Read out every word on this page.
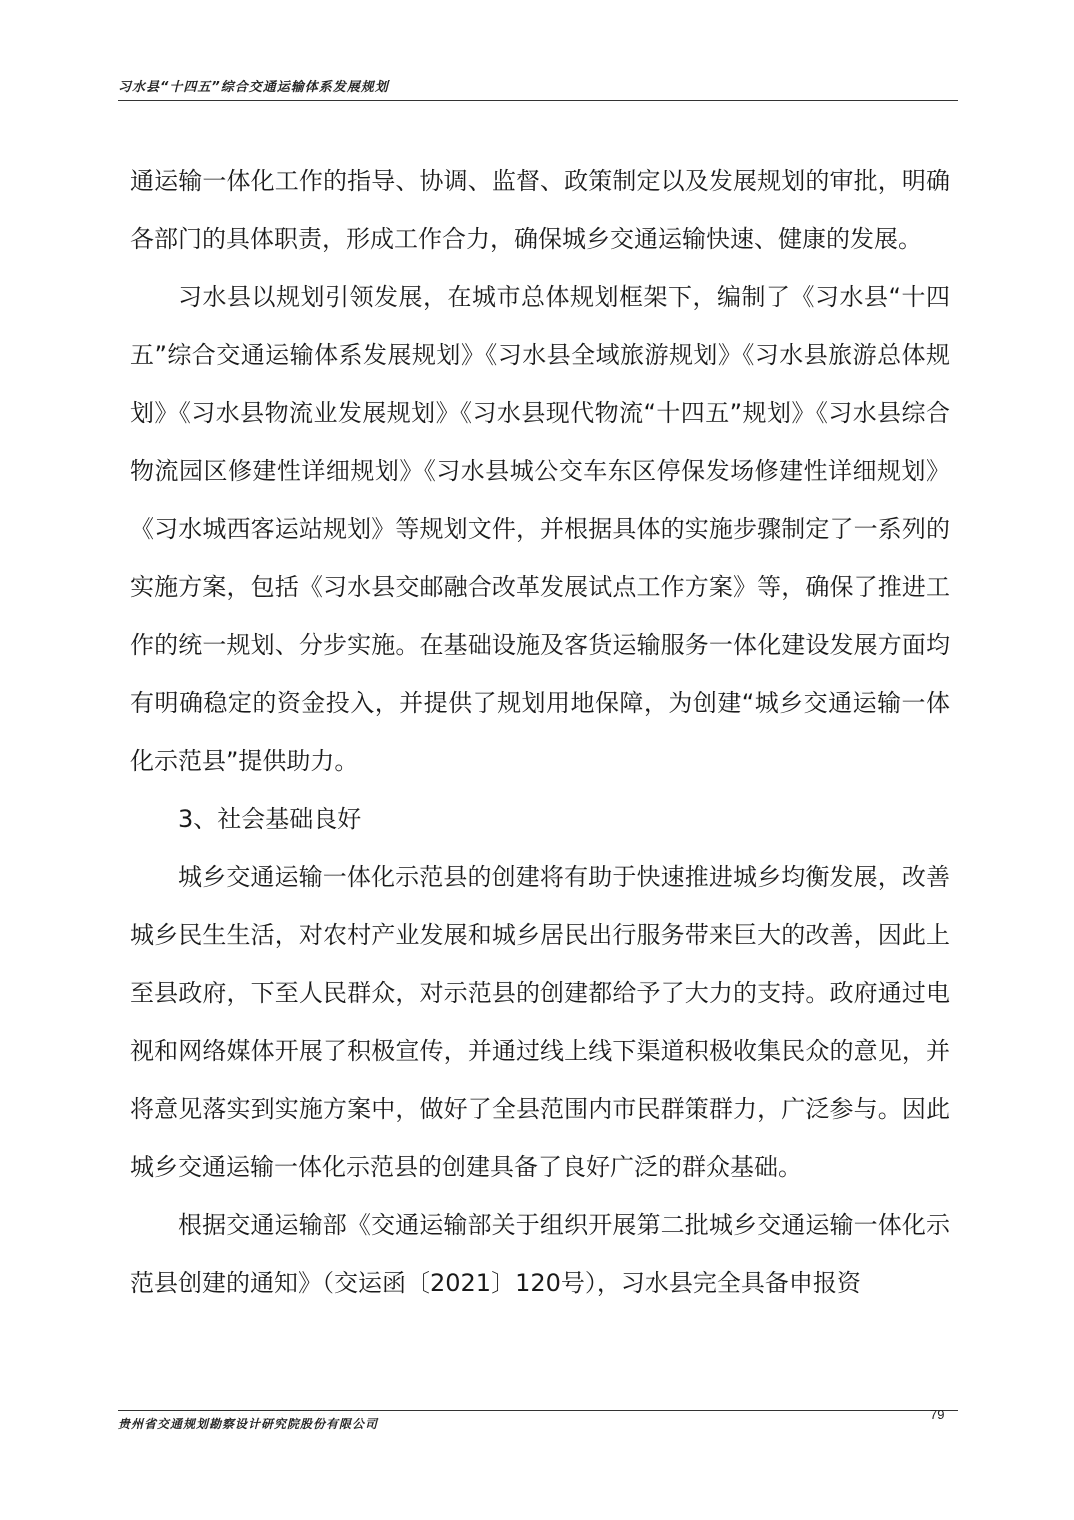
习水县“十四五”综合交通运输体系发展规划

通运输一体化工作的指导、协调、监督、政策制定以及发展规划的审批，明确各部门的具体职责，形成工作合力，确保城乡交通运输快速、健康的发展。

习水县以规划引领发展，在城市总体规划框架下，编制了《习水县“十四五”综合交通运输体系发展规划》《习水县全域旅游规划》《习水县旅游总体规划》《习水县物流业发展规划》《习水县现代物流“十四五”规划》《习水县综合物流园区修建性详细规划》《习水县城公交车东区停保发场修建性详细规划》《习水城西客运站规划》等规划文件，并根据具体的实施步骤制定了一系列的实施方案，包括《习水县交邮融合改革发展试点工作方案》等，确保了推进工作的统一规划、分步实施。在基础设施及客货运输服务一体化建设发展方面均有明确稳定的资金投入，并提供了规划用地保障，为创建“城乡交通运输一体化示范县”提供助力。

3、社会基础良好

城乡交通运输一体化示范县的创建将有助于快速推进城乡均衡发展，改善城乡民生生活，对农村产业发展和城乡居民出行服务带来巨大的改善，因此上至县政府，下至人民群众，对示范县的创建都给予了大力的支持。政府通过电视和网络媒体开展了积极宣传，并通过线上线下渠道积极收集民众的意见，并将意见落实到实施方案中，做好了全县范围内市民群策群力，广泛参与。因此城乡交通运输一体化示范县的创建具备了良好广泛的群众基础。

根据交通运输部《交通运输部关于组织开展第二批城乡交通运输一体化示范县创建的通知》（交运函〔2021〕120号），习水县完全具备申报资

贵州省交通规划勘察设计研究院股份有限公司
79
